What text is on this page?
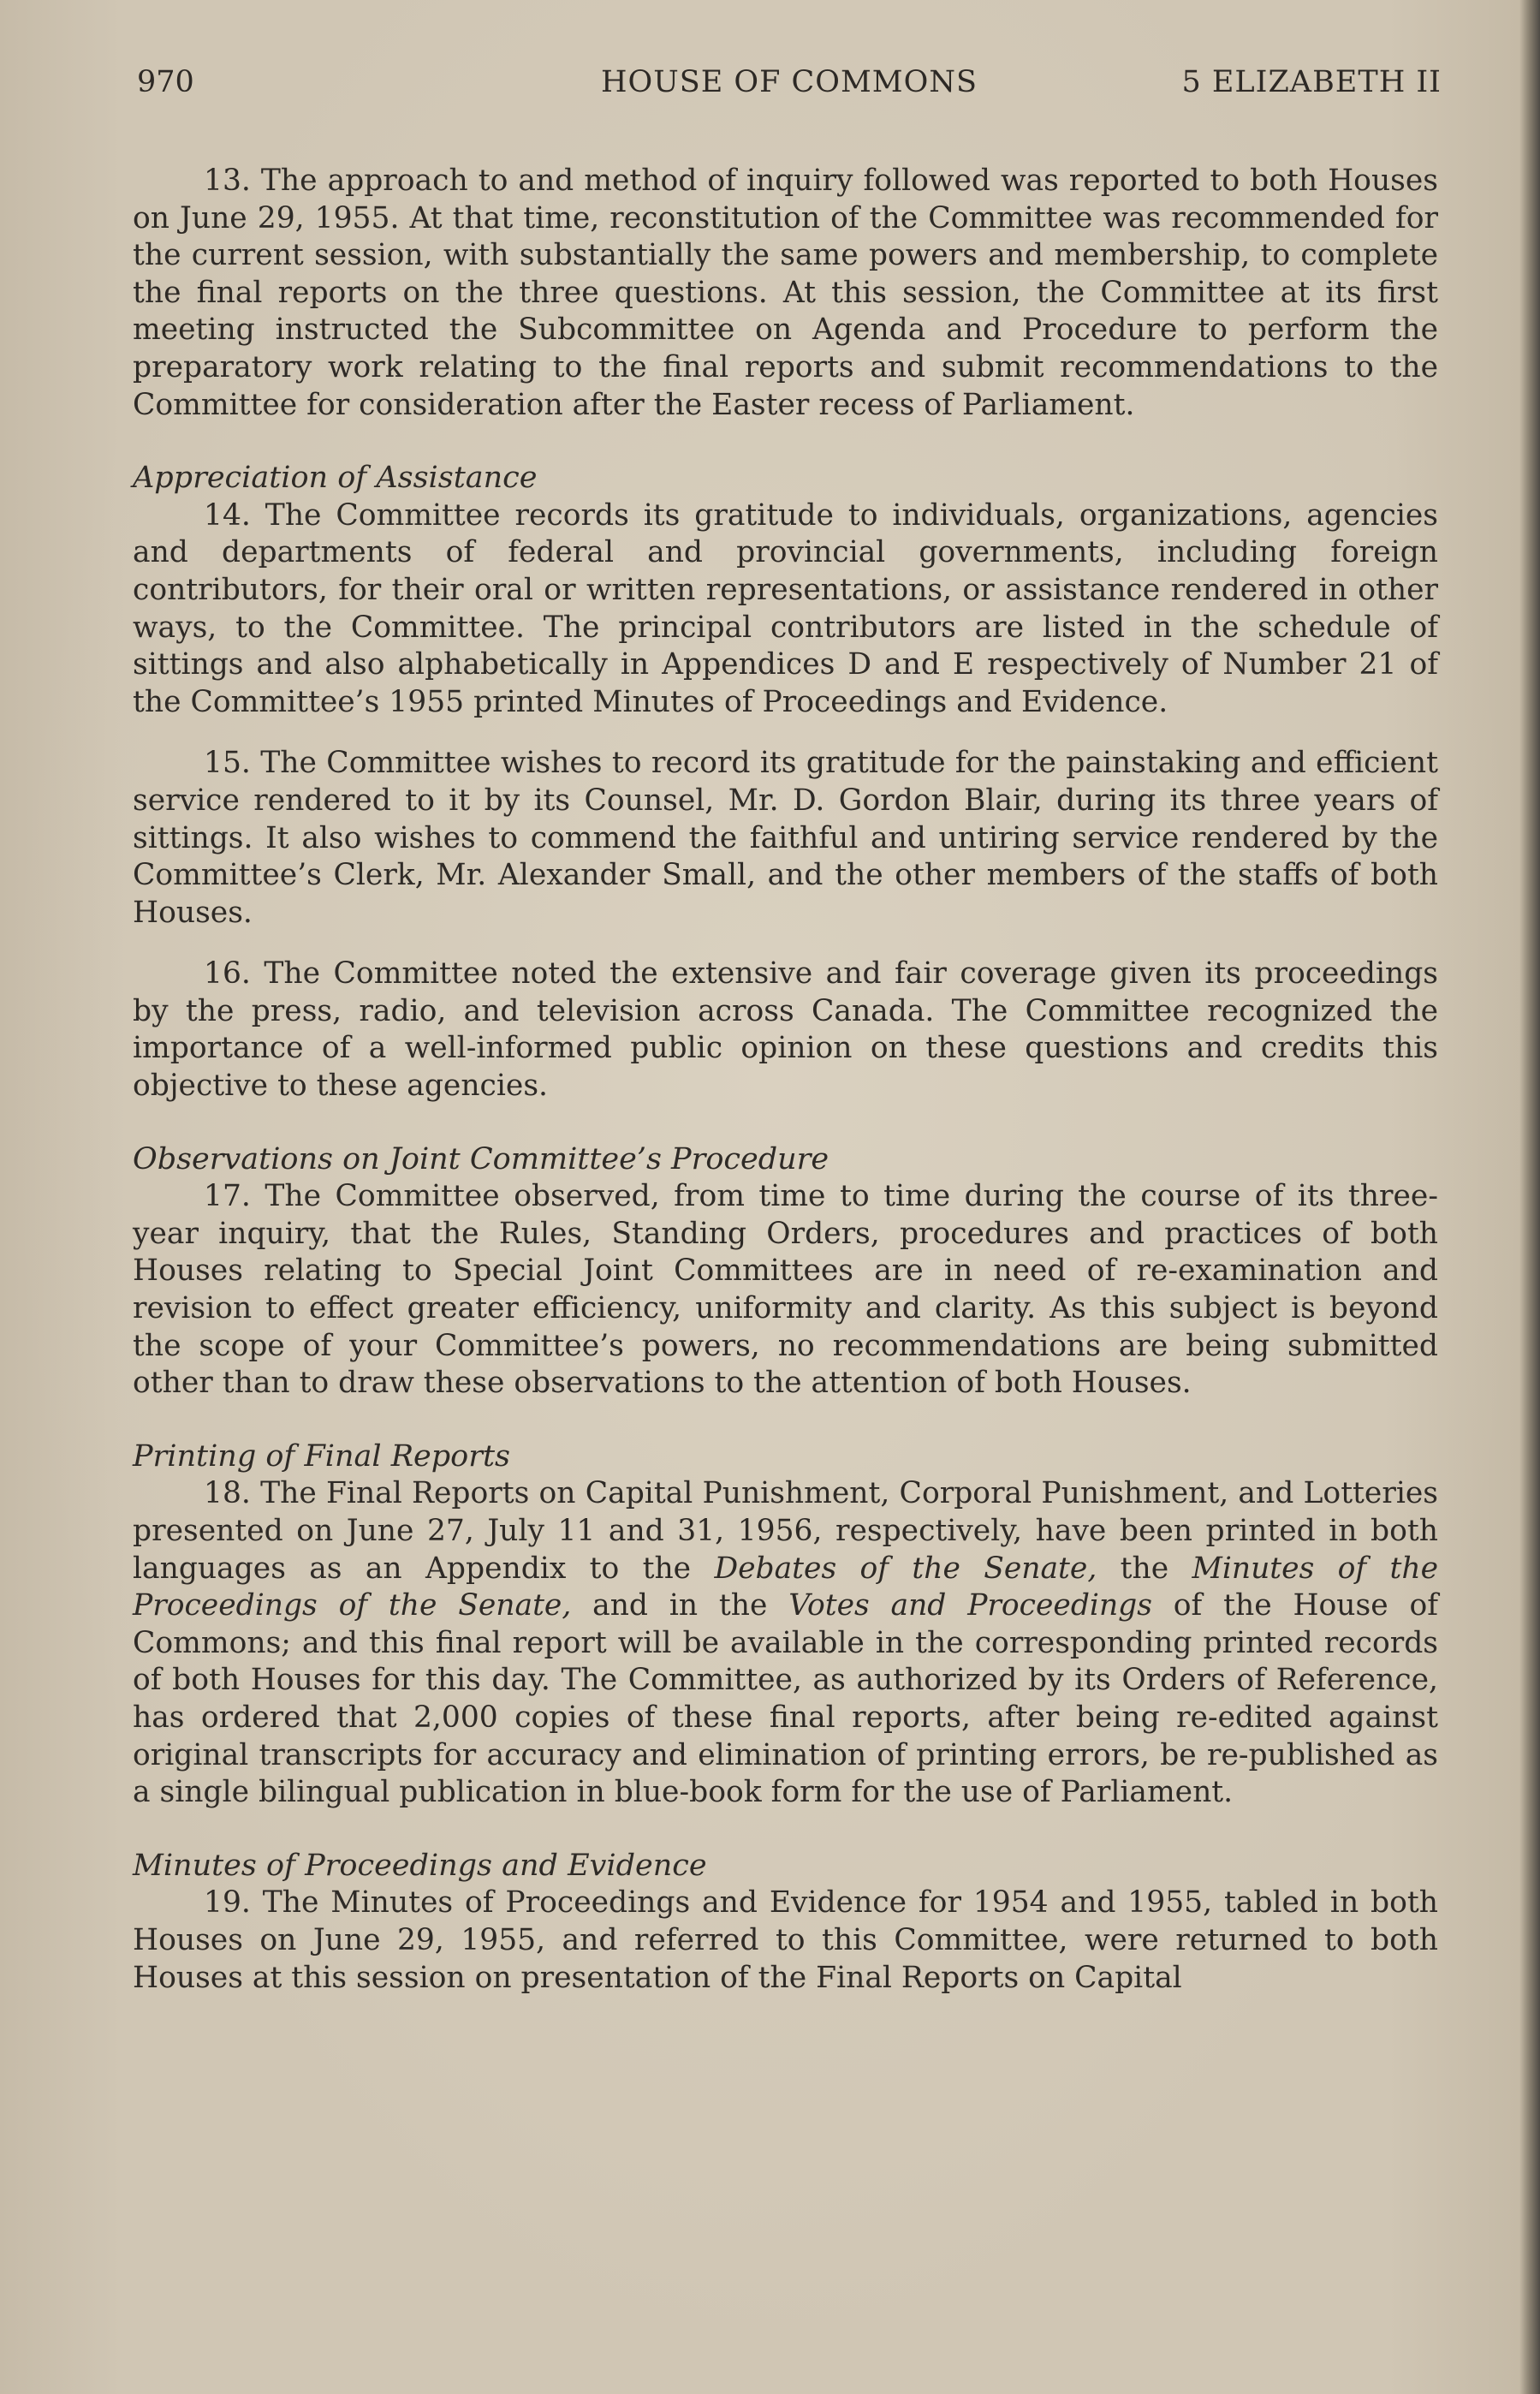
970	HOUSE OF COMMONS	5 ELIZABETH II

13. The approach to and method of inquiry followed was reported to both Houses on June 29, 1955. At that time, reconstitution of the Committee was recommended for the current session, with substantially the same powers and membership, to complete the final reports on the three questions. At this session, the Committee at its first meeting instructed the Subcommittee on Agenda and Procedure to perform the preparatory work relating to the final reports and submit recommendations to the Committee for consideration after the Easter recess of Parliament.

Appreciation of Assistance

14. The Committee records its gratitude to individuals, organizations, agencies and departments of federal and provincial governments, including foreign contributors, for their oral or written representations, or assistance rendered in other ways, to the Committee. The principal contributors are listed in the schedule of sittings and also alphabetically in Appendices D and E respectively of Number 21 of the Committee’s 1955 printed Minutes of Proceedings and Evidence.

15. The Committee wishes to record its gratitude for the painstaking and efficient service rendered to it by its Counsel, Mr. D. Gordon Blair, during its three years of sittings. It also wishes to commend the faithful and untiring service rendered by the Committee’s Clerk, Mr. Alexander Small, and the other members of the staffs of both Houses.

16. The Committee noted the extensive and fair coverage given its proceedings by the press, radio, and television across Canada. The Committee recognized the importance of a well-informed public opinion on these questions and credits this objective to these agencies.

Observations on Joint Committee’s Procedure

17. The Committee observed, from time to time during the course of its three-year inquiry, that the Rules, Standing Orders, procedures and practices of both Houses relating to Special Joint Committees are in need of re-examination and revision to effect greater efficiency, uniformity and clarity. As this subject is beyond the scope of your Committee’s powers, no recommendations are being submitted other than to draw these observations to the attention of both Houses.

Printing of Final Reports

18. The Final Reports on Capital Punishment, Corporal Punishment, and Lotteries presented on June 27, July 11 and 31, 1956, respectively, have been printed in both languages as an Appendix to the Debates of the Senate, the Minutes of the Proceedings of the Senate, and in the Votes and Proceedings of the House of Commons; and this final report will be available in the corresponding printed records of both Houses for this day. The Committee, as authorized by its Orders of Reference, has ordered that 2,000 copies of these final reports, after being re-edited against original transcripts for accuracy and elimination of printing errors, be re-published as a single bilingual publication in blue-book form for the use of Parliament.

Minutes of Proceedings and Evidence

19. The Minutes of Proceedings and Evidence for 1954 and 1955, tabled in both Houses on June 29, 1955, and referred to this Committee, were returned to both Houses at this session on presentation of the Final Reports on Capital
